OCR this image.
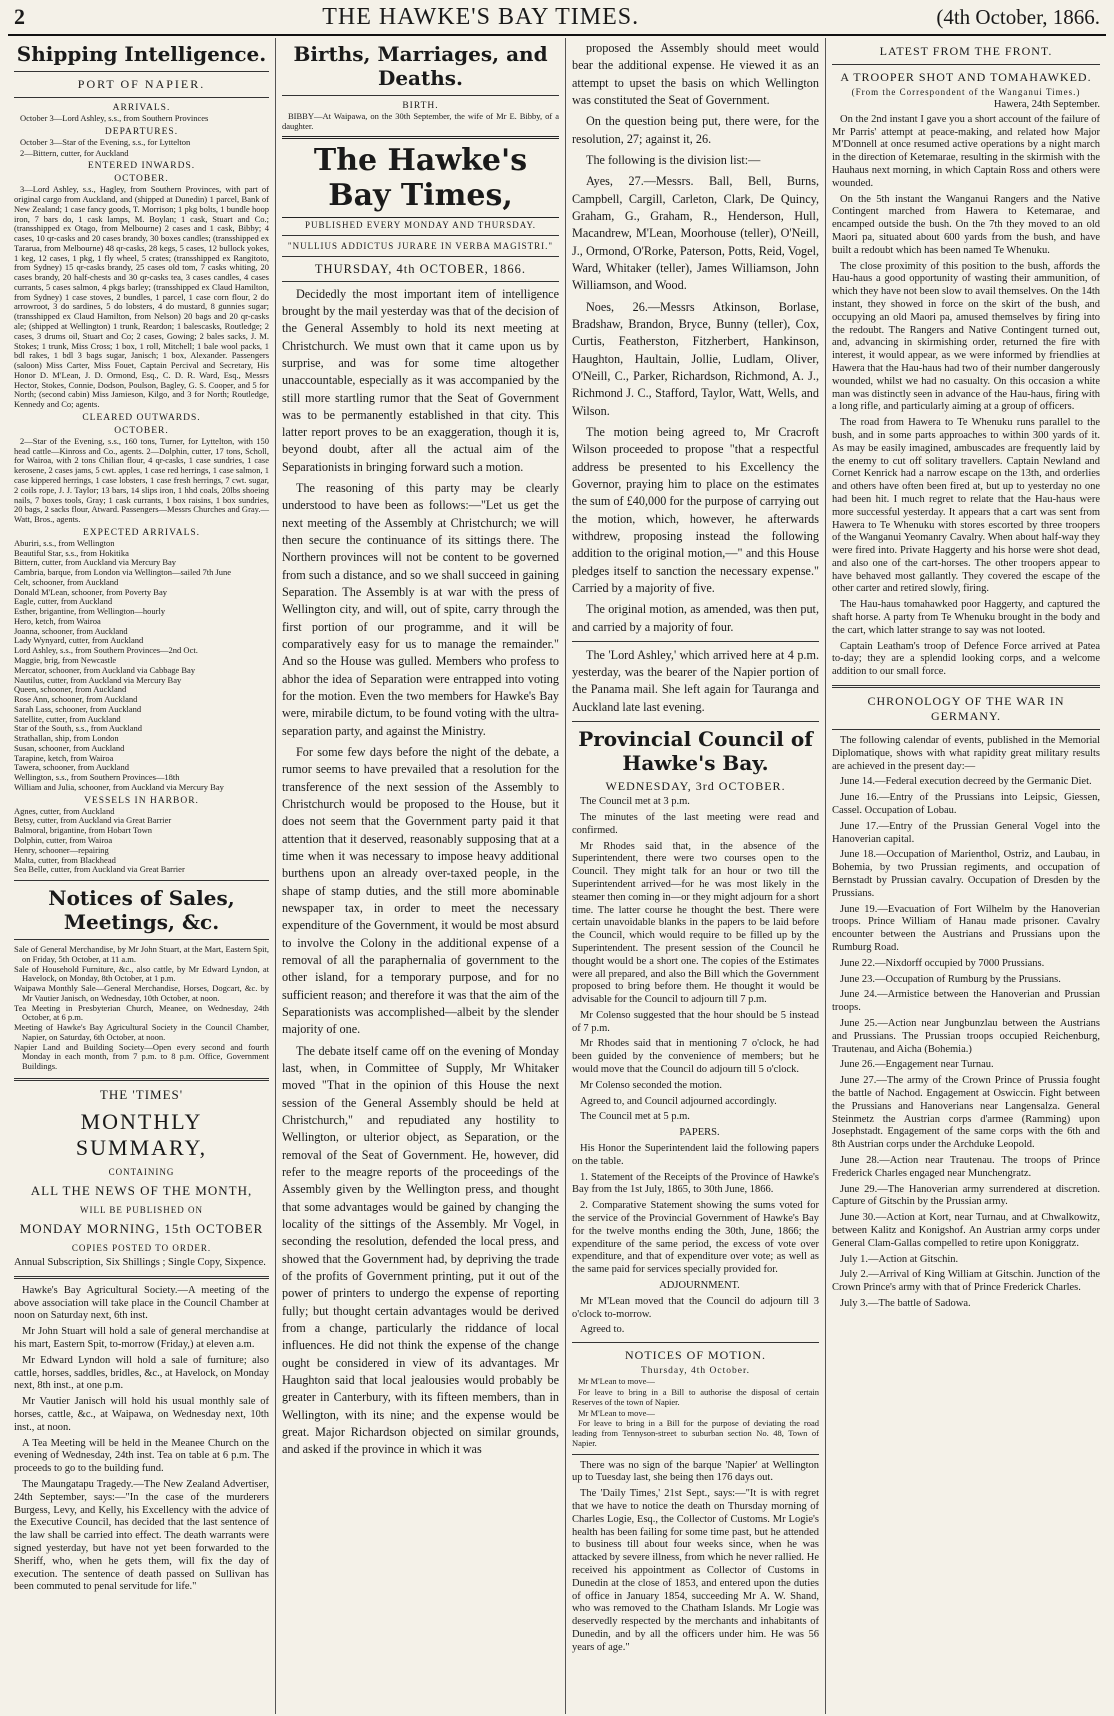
2	THE HAWKE'S BAY TIMES.	(4th October, 1866.
Shipping Intelligence.
PORT OF NAPIER.
ARRIVALS.

October 3—Lord Ashley, s.s., from Southern Provinces

DEPARTURES.

October 3—Star of the Evening, s.s., for Lyttelton

2—Bittern, cutter, for Auckland

ENTERED INWARDS.
OCTOBER.

3—Lord Ashley, s.s., Hagley, from Southern Provinces, with part of original cargo from Auckland, and (shipped at Dunedin) 1 parcel, Bank of New Zealand; 1 case fancy goods, T. Morrison; 1 pkg bolts, 1 bundle hoop iron, 7 bars do, 1 cask lamps, M. Boylan; 1 cask, Stuart and Co.; (transshipped ex Otago, from Melbourne) 2 cases and 1 cask, Bibby; 4 cases, 10 qr-casks and 20 cases brandy, 30 boxes candles; (transshipped ex Tararua, from Melbourne) 48 qr-casks, 28 kegs, 5 cases, 12 bullock yokes, 1 keg, 12 cases, 1 pkg, 1 fly wheel, 5 crates; (transshipped ex Rangitoto, from Sydney) 15 qr-casks brandy, 25 cases old tom, 7 casks whiting, 20 cases brandy, 20 half-chests and 30 qr-casks tea, 3 cases candles, 4 cases currants, 5 cases salmon, 4 pkgs barley; (transshipped ex Claud Hamilton, from Sydney) 1 case stoves, 2 bundles, 1 parcel, 1 case corn flour, 2 do arrowroot, 3 do sardines, 5 do lobsters, 4 do mustard, 8 gunnies sugar; (transshipped ex Claud Hamilton, from Nelson) 20 bags and 20 qr-casks ale; (shipped at Wellington) 1 trunk, Reardon; 1 balescasks, Routledge; 2 cases, 3 drums oil, Stuart and Co; 2 cases, Gowing; 2 bales sacks, J. M. Stokes; 1 trunk, Miss Cross; 1 box, 1 roll, Mitchell; 1 bale wool packs, 1 bdl rakes, 1 bdl 3 bags sugar, Janisch; 1 box, Alexander. Passengers (saloon) Miss Carter, Miss Fouet, Captain Percival and Secretary, His Honor D. M'Lean, J. D. Ormond, Esq., C. D. R. Ward, Esq., Messrs Hector, Stokes, Connie, Dodson, Poulson, Bagley, G. S. Cooper, and 5 for North; (second cabin) Miss Jamieson, Kilgo, and 3 for North; Routledge, Kennedy and Co; agents.

CLEARED OUTWARDS.
OCTOBER.

2—Star of the Evening, s.s., 160 tons, Turner, for Lyttelton, with 150 head cattle—Kinross and Co., agents. 2—Dolphin, cutter, 17 tons, Scholl, for Wairoa, with 2 tons Chilian flour, 4 qr-casks, 1 case sundries, 1 case kerosene, 2 cases jams, 5 cwt. apples, 1 case red herrings, 1 case salmon, 1 case kippered herrings, 1 case lobsters, 1 case fresh herrings, 7 cwt. sugar, 2 coils rope, J. J. Taylor; 13 bars, 14 slips iron, 1 hhd coals, 20lbs shoeing nails, 7 boxes tools, Gray; 1 cask currants, 1 box raisins, 1 box sundries, 20 bags, 2 sacks flour, Atward. Passengers—Messrs Churches and Gray.—Watt, Bros., agents.

EXPECTED ARRIVALS.

Aburiri, s.s., from Wellington

Beautiful Star, s.s., from Hokitika

Bittern, cutter, from Auckland via Mercury Bay

Cambria, barque, from London via Wellington—sailed 7th June

Celt, schooner, from Auckland

Donald M'Lean, schooner, from Poverty Bay

Eagle, cutter, from Auckland

Esther, brigantine, from Wellington—hourly

Hero, ketch, from Wairoa

Joanna, schooner, from Auckland

Lady Wynyard, cutter, from Auckland

Lord Ashley, s.s., from Southern Provinces—2nd Oct.

Maggie, brig, from Newcastle

Mercator, schooner, from Auckland via Cabbage Bay

Nautilus, cutter, from Auckland via Mercury Bay

Queen, schooner, from Auckland

Rose Ann, schooner, from Auckland

Sarah Lass, schooner, from Auckland

Satellite, cutter, from Auckland

Star of the South, s.s., from Auckland

Strathallan, ship, from London

Susan, schooner, from Auckland

Tarapine, ketch, from Wairoa

Tawera, schooner, from Auckland

Wellington, s.s., from Southern Provinces—18th

William and Julia, schooner, from Auckland via Mercury Bay

VESSELS IN HARBOR.

Agnes, cutter, from Auckland

Betsy, cutter, from Auckland via Great Barrier

Balmoral, brigantine, from Hobart Town

Dolphin, cutter, from Wairoa

Henry, schooner—repairing

Malta, cutter, from Blackhead

Sea Belle, cutter, from Auckland via Great Barrier

Notices of Sales, Meetings, &c.

Sale of General Merchandise, by Mr John Stuart, at the Mart, Eastern Spit, on Friday, 5th October, at 11 a.m.

Sale of Household Furniture, &c., also cattle, by Mr Edward Lyndon, at Havelock, on Monday, 8th October, at 1 p.m.

Waipawa Monthly Sale—General Merchandise, Horses, Dogcart, &c. by Mr Vautier Janisch, on Wednesday, 10th October, at noon.

Tea Meeting in Presbyterian Church, Meanee, on Wednesday, 24th October, at 6 p.m.

Meeting of Hawke's Bay Agricultural Society in the Council Chamber, Napier, on Saturday, 6th October, at noon.

Napier Land and Building Society—Open every second and fourth Monday in each month, from 7 p.m. to 8 p.m. Office, Government Buildings.

THE 'TIMES'
MONTHLY SUMMARY,
CONTAINING
ALL THE NEWS OF THE MONTH,
WILL BE PUBLISHED ON
MONDAY MORNING, 15th OCTOBER
COPIES POSTED TO ORDER.
Annual Subscription, Six Shillings ; Single Copy, Sixpence.

Hawke's Bay Agricultural Society.—A meeting of the above association will take place in the Council Chamber at noon on Saturday next, 6th inst.

Mr John Stuart will hold a sale of general merchandise at his mart, Eastern Spit, to-morrow (Friday,) at eleven a.m.

Mr Edward Lyndon will hold a sale of furniture; also cattle, horses, saddles, bridles, &c., at Havelock, on Monday next, 8th inst., at one p.m.

Mr Vautier Janisch will hold his usual monthly sale of horses, cattle, &c., at Waipawa, on Wednesday next, 10th inst., at noon.

A Tea Meeting will be held in the Meanee Church on the evening of Wednesday, 24th inst. Tea on table at 6 p.m. The proceeds to go to the building fund.

The Maungatapu Tragedy.—The New Zealand Advertiser, 24th September, says:—"In the case of the murderers Burgess, Levy, and Kelly, his Excellency with the advice of the Executive Council, has decided that the last sentence of the law shall be carried into effect. The death warrants were signed yesterday, but have not yet been forwarded to the Sheriff, who, when he gets them, will fix the day of execution. The sentence of death passed on Sullivan has been commuted to penal servitude for life."

Births, Marriages, and Deaths.
BIRTH.

BIBBY—At Waipawa, on the 30th September, the wife of Mr E. Bibby, of a daughter.

The Hawke's Bay Times,
PUBLISHED EVERY MONDAY AND THURSDAY.
"NULLIUS ADDICTUS JURARE IN VERBA MAGISTRI."
THURSDAY, 4th OCTOBER, 1866.

Decidedly the most important item of intelligence brought by the mail yesterday was that of the decision of the General Assembly to hold its next meeting at Christchurch. We must own that it came upon us by surprise, and was for some time altogether unaccountable, especially as it was accompanied by the still more startling rumor that the Seat of Government was to be permanently established in that city. This latter report proves to be an exaggeration, though it is, beyond doubt, after all the actual aim of the Separationists in bringing forward such a motion.

The reasoning of this party may be clearly understood to have been as follows:—"Let us get the next meeting of the Assembly at Christchurch; we will then secure the continuance of its sittings there. The Northern provinces will not be content to be governed from such a distance, and so we shall succeed in gaining Separation. The Assembly is at war with the press of Wellington city, and will, out of spite, carry through the first portion of our programme, and it will be comparatively easy for us to manage the remainder." And so the House was gulled. Members who profess to abhor the idea of Separation were entrapped into voting for the motion. Even the two members for Hawke's Bay were, mirabile dictum, to be found voting with the ultra-separation party, and against the Ministry.

For some few days before the night of the debate, a rumor seems to have prevailed that a resolution for the transference of the next session of the Assembly to Christchurch would be proposed to the House, but it does not seem that the Government party paid it that attention that it deserved, reasonably supposing that at a time when it was necessary to impose heavy additional burthens upon an already over-taxed people, in the shape of stamp duties, and the still more abominable newspaper tax, in order to meet the necessary expenditure of the Government, it would be most absurd to involve the Colony in the additional expense of a removal of all the paraphernalia of government to the other island, for a temporary purpose, and for no sufficient reason; and therefore it was that the aim of the Separationists was accomplished—albeit by the slender majority of one.

The debate itself came off on the evening of Monday last, when, in Committee of Supply, Mr Whitaker moved "That in the opinion of this House the next session of the General Assembly should be held at Christchurch," and repudiated any hostility to Wellington, or ulterior object, as Separation, or the removal of the Seat of Government. He, however, did refer to the meagre reports of the proceedings of the Assembly given by the Wellington press, and thought that some advantages would be gained by changing the locality of the sittings of the Assembly. Mr Vogel, in seconding the resolution, defended the local press, and showed that the Government had, by depriving the trade of the profits of Government printing, put it out of the power of printers to undergo the expense of reporting fully; but thought certain advantages would be derived from a change, particularly the riddance of local influences. He did not think the expense of the change ought be considered in view of its advantages. Mr Haughton said that local jealousies would probably be greater in Canterbury, with its fifteen members, than in Wellington, with its nine; and the expense would be great. Major Richardson objected on similar grounds, and asked if the province in which it was

proposed the Assembly should meet would bear the additional expense. He viewed it as an attempt to upset the basis on which Wellington was constituted the Seat of Government.

On the question being put, there were, for the resolution, 27; against it, 26.

The following is the division list:—

Ayes, 27.—Messrs. Ball, Bell, Burns, Campbell, Cargill, Carleton, Clark, De Quincy, Graham, G., Graham, R., Henderson, Hull, Macandrew, M'Lean, Moorhouse (teller), O'Neill, J., Ormond, O'Rorke, Paterson, Potts, Reid, Vogel, Ward, Whitaker (teller), James Williamson, John Williamson, and Wood.

Noes, 26.—Messrs Atkinson, Borlase, Bradshaw, Brandon, Bryce, Bunny (teller), Cox, Curtis, Featherston, Fitzherbert, Hankinson, Haughton, Haultain, Jollie, Ludlam, Oliver, O'Neill, C., Parker, Richardson, Richmond, A. J., Richmond J. C., Stafford, Taylor, Watt, Wells, and Wilson.

The motion being agreed to, Mr Cracroft Wilson proceeded to propose "that a respectful address be presented to his Excellency the Governor, praying him to place on the estimates the sum of £40,000 for the purpose of carrying out the motion, which, however, he afterwards withdrew, proposing instead the following addition to the original motion,—" and this House pledges itself to sanction the necessary expense." Carried by a majority of five.

The original motion, as amended, was then put, and carried by a majority of four.

The 'Lord Ashley,' which arrived here at 4 p.m. yesterday, was the bearer of the Napier portion of the Panama mail. She left again for Tauranga and Auckland late last evening.

Provincial Council of Hawke's Bay.
WEDNESDAY, 3rd OCTOBER.

The Council met at 3 p.m.

The minutes of the last meeting were read and confirmed.

Mr Rhodes said that, in the absence of the Superintendent, there were two courses open to the Council. They might talk for an hour or two till the Superintendent arrived—for he was most likely in the steamer then coming in—or they might adjourn for a short time. The latter course he thought the best. There were certain unavoidable blanks in the papers to be laid before the Council, which would require to be filled up by the Superintendent. The present session of the Council he thought would be a short one. The copies of the Estimates were all prepared, and also the Bill which the Government proposed to bring before them. He thought it would be advisable for the Council to adjourn till 7 p.m.

Mr Colenso suggested that the hour should be 5 instead of 7 p.m.

Mr Rhodes said that in mentioning 7 o'clock, he had been guided by the convenience of members; but he would move that the Council do adjourn till 5 o'clock.

Mr Colenso seconded the motion.

Agreed to, and Council adjourned accordingly.

The Council met at 5 p.m.

PAPERS.

His Honor the Superintendent laid the following papers on the table.

1. Statement of the Receipts of the Province of Hawke's Bay from the 1st July, 1865, to 30th June, 1866.

2. Comparative Statement showing the sums voted for the service of the Provincial Government of Hawke's Bay for the twelve months ending the 30th, June, 1866; the expenditure of the same period, the excess of vote over expenditure, and that of expenditure over vote; as well as the same paid for services specially provided for.

ADJOURNMENT.

Mr M'Lean moved that the Council do adjourn till 3 o'clock to-morrow.

Agreed to.

NOTICES OF MOTION.
Thursday, 4th October.

Mr M'Lean to move—

For leave to bring in a Bill to authorise the disposal of certain Reserves of the town of Napier.

Mr M'Lean to move—

For leave to bring in a Bill for the purpose of deviating the road leading from Tennyson-street to suburban section No. 48, Town of Napier.

There was no sign of the barque 'Napier' at Wellington up to Tuesday last, she being then 176 days out.

The 'Daily Times,' 21st Sept., says:—"It is with regret that we have to notice the death on Thursday morning of Charles Logie, Esq., the Collector of Customs. Mr Logie's health has been failing for some time past, but he attended to business till about four weeks since, when he was attacked by severe illness, from which he never rallied. He received his appointment as Collector of Customs in Dunedin at the close of 1853, and entered upon the duties of office in January 1854, succeeding Mr A. W. Shand, who was removed to the Chatham Islands. Mr Logie was deservedly respected by the merchants and inhabitants of Dunedin, and by all the officers under him. He was 56 years of age."

LATEST FROM THE FRONT.
A TROOPER SHOT AND TOMAHAWKED.
(From the Correspondent of the Wanganui Times.)
Hawera, 24th September.

On the 2nd instant I gave you a short account of the failure of Mr Parris' attempt at peace-making, and related how Major M'Donnell at once resumed active operations by a night march in the direction of Ketemarae, resulting in the skirmish with the Hauhaus next morning, in which Captain Ross and others were wounded.

On the 5th instant the Wanganui Rangers and the Native Contingent marched from Hawera to Ketemarae, and encamped outside the bush. On the 7th they moved to an old Maori pa, situated about 600 yards from the bush, and have built a redoubt which has been named Te Whenuku.

The close proximity of this position to the bush, affords the Hau-haus a good opportunity of wasting their ammunition, of which they have not been slow to avail themselves. On the 14th instant, they showed in force on the skirt of the bush, and occupying an old Maori pa, amused themselves by firing into the redoubt. The Rangers and Native Contingent turned out, and, advancing in skirmishing order, returned the fire with interest, it would appear, as we were informed by friendlies at Hawera that the Hau-haus had two of their number dangerously wounded, whilst we had no casualty. On this occasion a white man was distinctly seen in advance of the Hau-haus, firing with a long rifle, and particularly aiming at a group of officers.

The road from Hawera to Te Whenuku runs parallel to the bush, and in some parts approaches to within 300 yards of it. As may be easily imagined, ambuscades are frequently laid by the enemy to cut off solitary travellers. Captain Newland and Cornet Kenrick had a narrow escape on the 13th, and orderlies and others have often been fired at, but up to yesterday no one had been hit. I much regret to relate that the Hau-haus were more successful yesterday. It appears that a cart was sent from Hawera to Te Whenuku with stores escorted by three troopers of the Wanganui Yeomanry Cavalry. When about half-way they were fired into. Private Haggerty and his horse were shot dead, and also one of the cart-horses. The other troopers appear to have behaved most gallantly. They covered the escape of the other carter and retired slowly, firing.

The Hau-haus tomahawked poor Haggerty, and captured the shaft horse. A party from Te Whenuku brought in the body and the cart, which latter strange to say was not looted.

Captain Leatham's troop of Defence Force arrived at Patea to-day; they are a splendid looking corps, and a welcome addition to our small force.

CHRONOLOGY OF THE WAR IN GERMANY.

The following calendar of events, published in the Memorial Diplomatique, shows with what rapidity great military results are achieved in the present day:—

June 14.—Federal execution decreed by the Germanic Diet.

June 16.—Entry of the Prussians into Leipsic, Giessen, Cassel. Occupation of Lobau.

June 17.—Entry of the Prussian General Vogel into the Hanoverian capital.

June 18.—Occupation of Marienthol, Ostriz, and Laubau, in Bohemia, by two Prussian regiments, and occupation of Bernstadt by Prussian cavalry. Occupation of Dresden by the Prussians.

June 19.—Evacuation of Fort Wilhelm by the Hanoverian troops. Prince William of Hanau made prisoner. Cavalry encounter between the Austrians and Prussians upon the Rumburg Road.

June 22.—Nixdorff occupied by 7000 Prussians.

June 23.—Occupation of Rumburg by the Prussians.

June 24.—Armistice between the Hanoverian and Prussian troops.

June 25.—Action near Jungbunzlau between the Austrians and Prussians. The Prussian troops occupied Reichenburg, Trautenau, and Aicha (Bohemia.)

June 26.—Engagement near Turnau.

June 27.—The army of the Crown Prince of Prussia fought the battle of Nachod. Engagement at Oswiccin. Fight between the Prussians and Hanoverians near Langensalza. General Steinmetz the Austrian corps d'armee (Ramming) upon Josephstadt. Engagement of the same corps with the 6th and 8th Austrian corps under the Archduke Leopold.

June 28.—Action near Trautenau. The troops of Prince Frederick Charles engaged near Munchengratz.

June 29.—The Hanoverian army surrendered at discretion. Capture of Gitschin by the Prussian army.

June 30.—Action at Kort, near Turnau, and at Chwalkowitz, between Kalitz and Konigshof. An Austrian army corps under General Clam-Gallas compelled to retire upon Koniggratz.

July 1.—Action at Gitschin.

July 2.—Arrival of King William at Gitschin. Junction of the Crown Prince's army with that of Prince Frederick Charles.

July 3.—The battle of Sadowa.
